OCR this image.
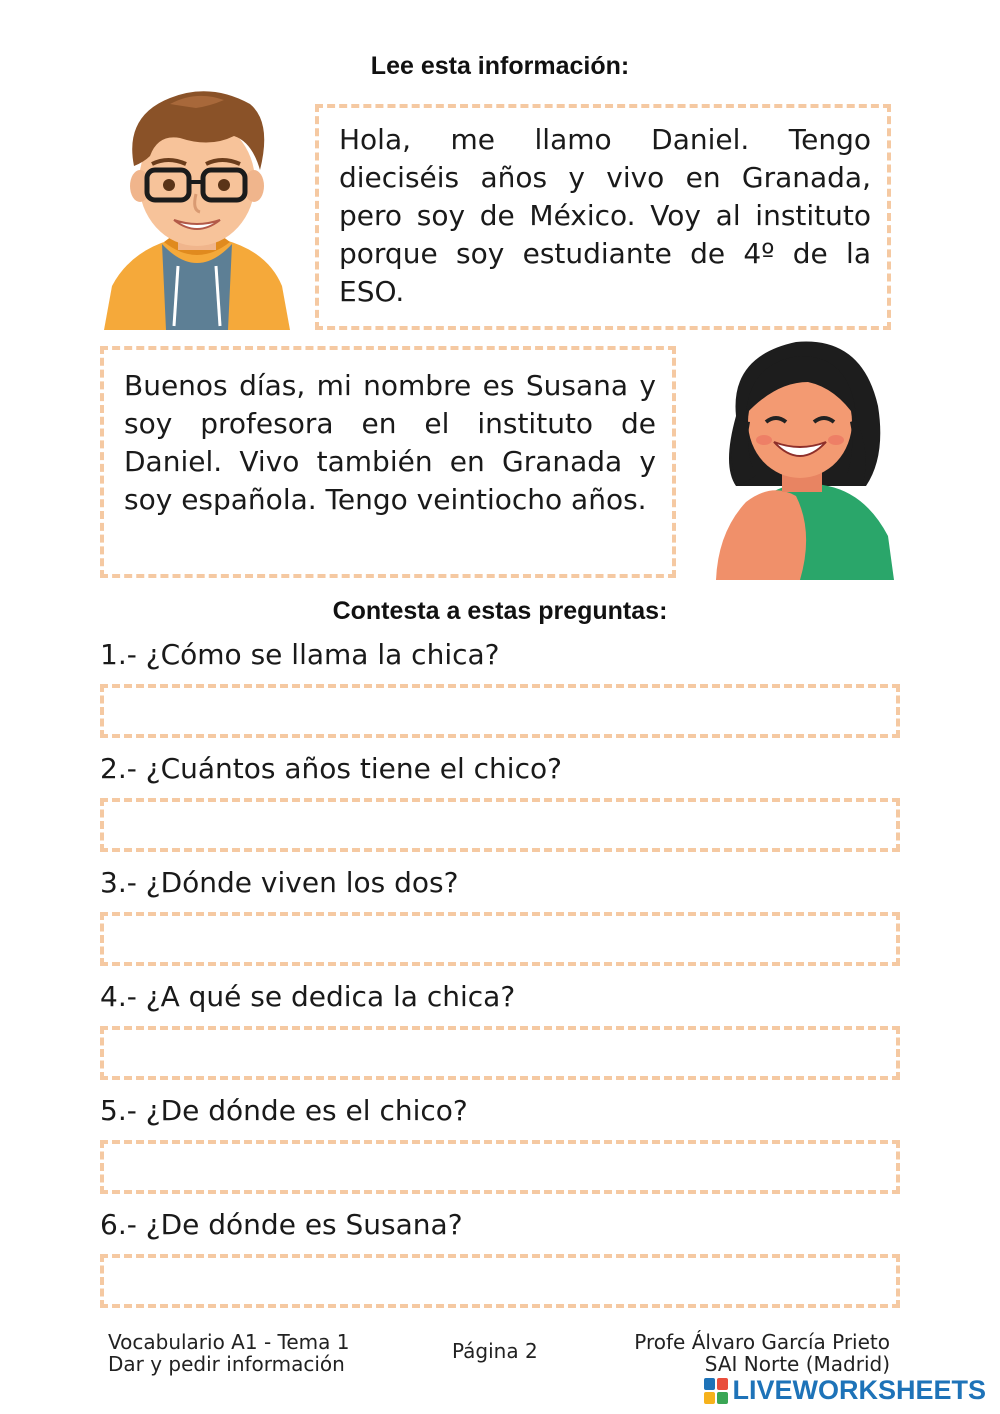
Lee esta información:

Hola, me llamo Daniel. Tengo dieciséis años y vivo en Granada, pero soy de México. Voy al instituto porque soy estudiante de 4º de la ESO.

Buenos días, mi nombre es Susana y soy profesora en el instituto de Daniel. Vivo también en Granada y soy española. Tengo veintiocho años.

Contesta a estas preguntas:
1.- ¿Cómo se llama la chica?
2.- ¿Cuántos años tiene el chico?
3.- ¿Dónde viven los dos?
4.- ¿A qué se dedica la chica?
5.- ¿De dónde es el chico?
6.- ¿De dónde es Susana?
Vocabulario A1 - Tema 1
Dar y pedir información
Página 2	Profe Álvaro García Prieto
SAI Norte (Madrid)
LIVEWORKSHEETS
